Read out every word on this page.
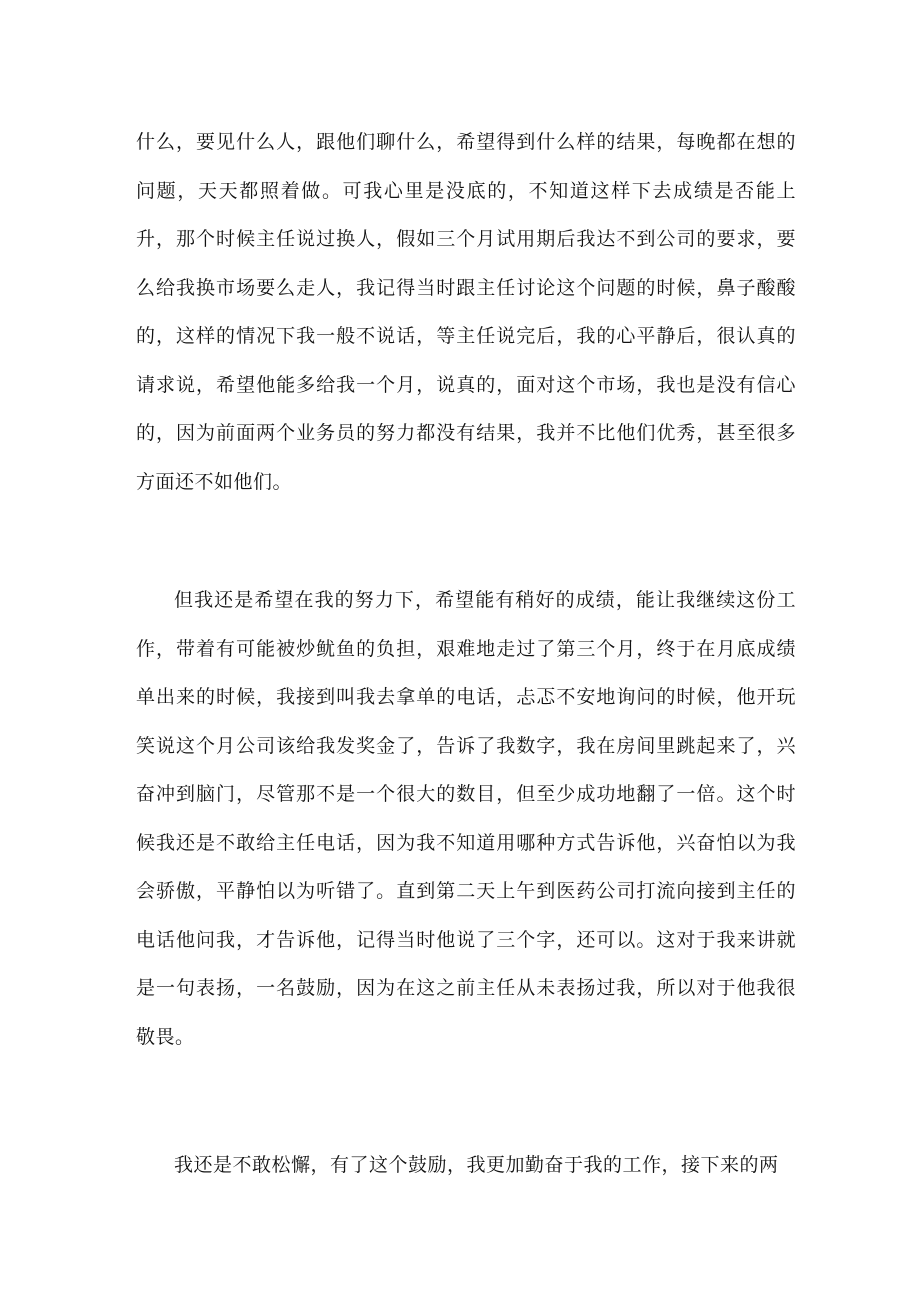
什么，要见什么人，跟他们聊什么，希望得到什么样的结果，每晚都在想的问题，天天都照着做。可我心里是没底的，不知道这样下去成绩是否能上升，那个时候主任说过换人，假如三个月试用期后我达不到公司的要求，要么给我换市场要么走人，我记得当时跟主任讨论这个问题的时候，鼻子酸酸的，这样的情况下我一般不说话，等主任说完后，我的心平静后，很认真的请求说，希望他能多给我一个月，说真的，面对这个市场，我也是没有信心的，因为前面两个业务员的努力都没有结果，我并不比他们优秀，甚至很多方面还不如他们。

但我还是希望在我的努力下，希望能有稍好的成绩，能让我继续这份工作，带着有可能被炒鱿鱼的负担，艰难地走过了第三个月，终于在月底成绩单出来的时候，我接到叫我去拿单的电话，忐忑不安地询问的时候，他开玩笑说这个月公司该给我发奖金了，告诉了我数字，我在房间里跳起来了，兴奋冲到脑门，尽管那不是一个很大的数目，但至少成功地翻了一倍。这个时候我还是不敢给主任电话，因为我不知道用哪种方式告诉他，兴奋怕以为我会骄傲，平静怕以为听错了。直到第二天上午到医药公司打流向接到主任的电话他问我，才告诉他，记得当时他说了三个字，还可以。这对于我来讲就是一句表扬，一名鼓励，因为在这之前主任从未表扬过我，所以对于他我很敬畏。

我还是不敢松懈，有了这个鼓励，我更加勤奋于我的工作，接下来的两
